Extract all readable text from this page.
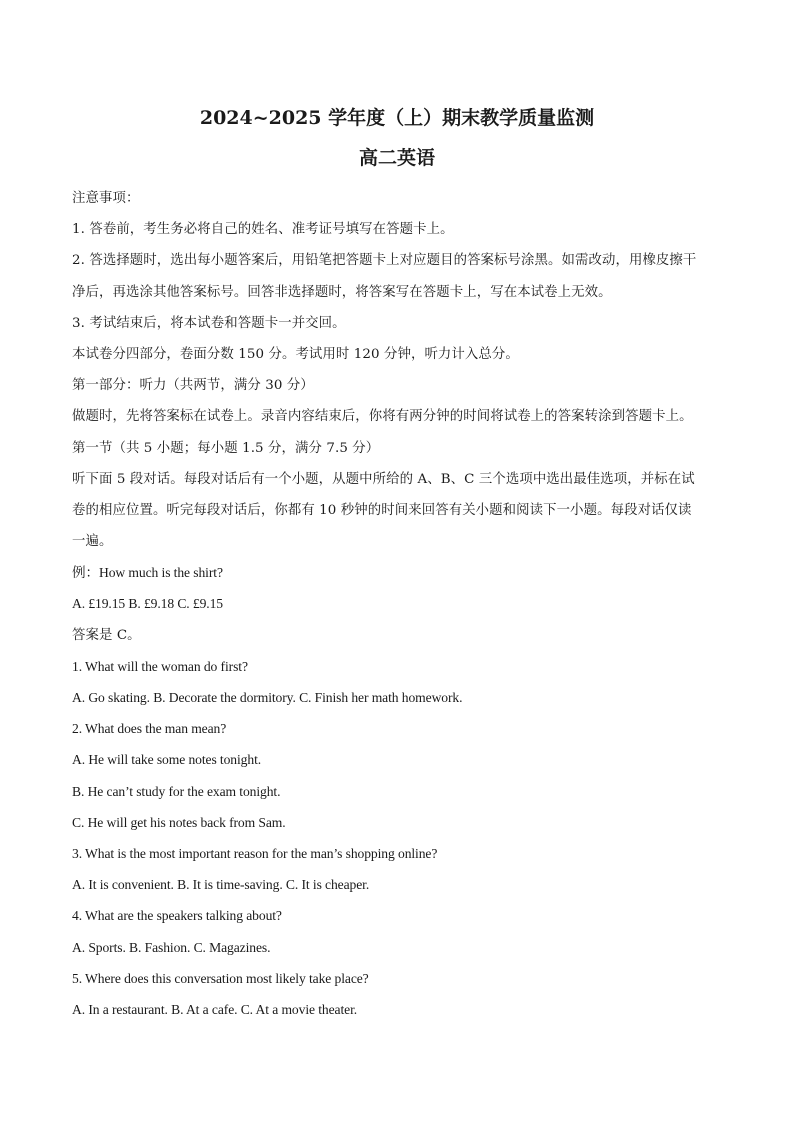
2024~2025 学年度（上）期末教学质量监测
高二英语
注意事项：
1. 答卷前，考生务必将自己的姓名、准考证号填写在答题卡上。
2. 答选择题时，选出每小题答案后，用铅笔把答题卡上对应题目的答案标号涂黑。如需改动，用橡皮擦干
净后，再选涂其他答案标号。回答非选择题时，将答案写在答题卡上，写在本试卷上无效。
3. 考试结束后，将本试卷和答题卡一并交回。
本试卷分四部分，卷面分数 150 分。考试用时 120 分钟，听力计入总分。
第一部分：听力（共两节，满分 30 分）
做题时，先将答案标在试卷上。录音内容结束后，你将有两分钟的时间将试卷上的答案转涂到答题卡上。
第一节（共 5 小题；每小题 1.5 分，满分 7.5 分）
听下面 5 段对话。每段对话后有一个小题，从题中所给的 A、B、C 三个选项中选出最佳选项，并标在试
卷的相应位置。听完每段对话后，你都有 10 秒钟的时间来回答有关小题和阅读下一小题。每段对话仅读
一遍。
例：How much is the shirt?
A. £19.15 B. £9.18 C. £9.15
答案是 C。
1. What will the woman do first?
A. Go skating. B. Decorate the dormitory. C. Finish her math homework.
2. What does the man mean?
A. He will take some notes tonight.
B. He can’t study for the exam tonight.
C. He will get his notes back from Sam.
3. What is the most important reason for the man’s shopping online?
A. It is convenient. B. It is time-saving. C. It is cheaper.
4. What are the speakers talking about?
A. Sports. B. Fashion. C. Magazines.
5. Where does this conversation most likely take place?
A. In a restaurant. B. At a cafe. C. At a movie theater.
